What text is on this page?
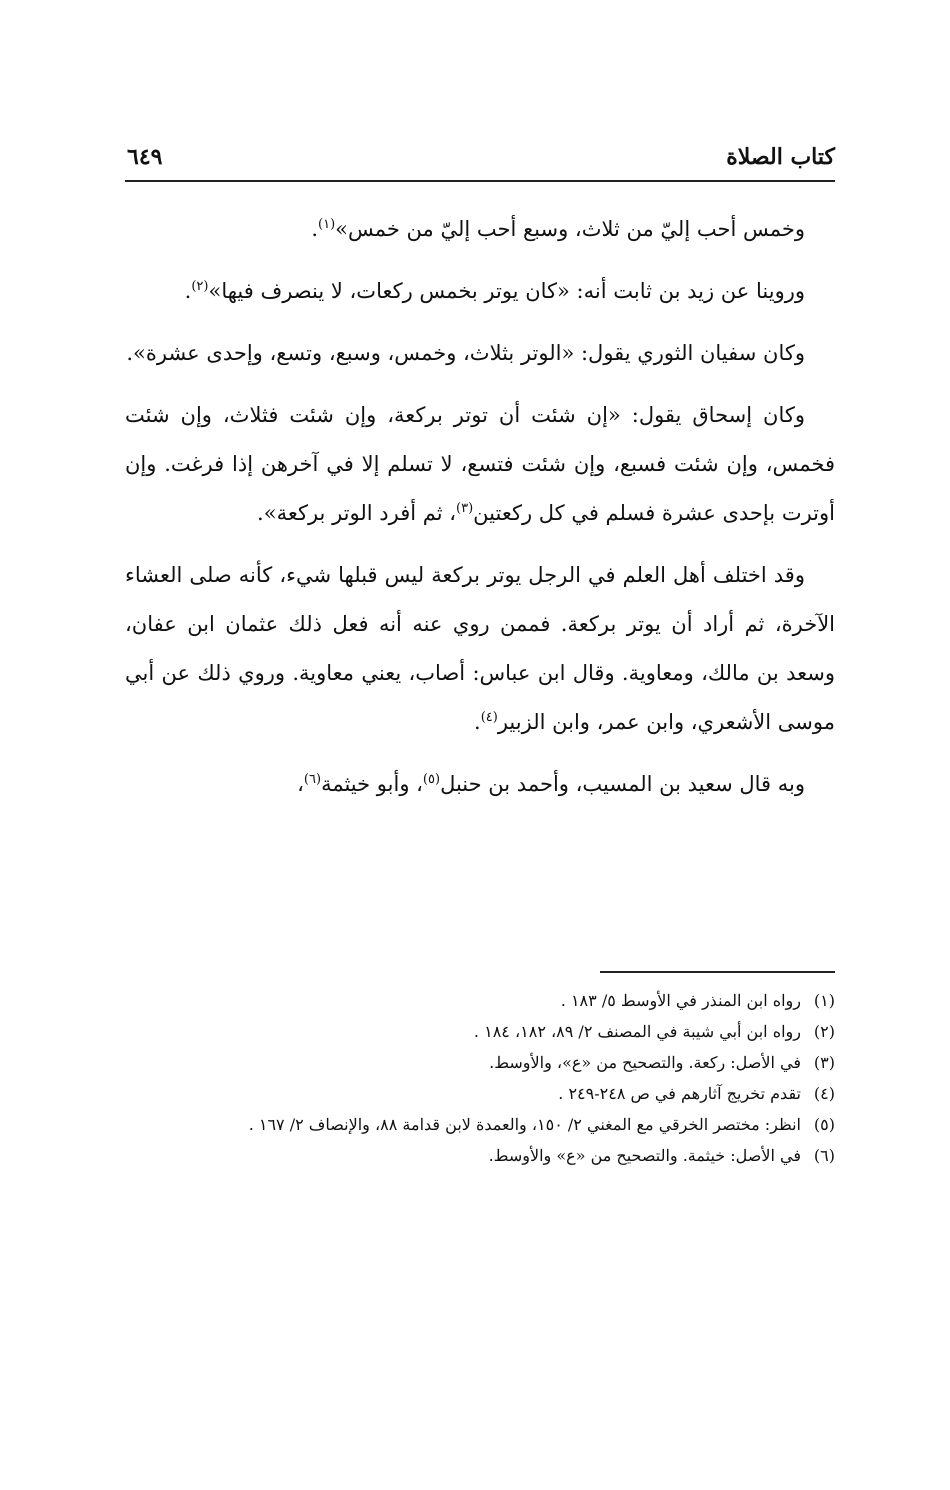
كتاب الصلاة
٦٤٩

وخمس أحب إليّ من ثلاث، وسبع أحب إليّ من خمس»$^{(١)}$.

وروينا عن زيد بن ثابت أنه: «كان يوتر بخمس ركعات، لا ينصرف فيها»$^{(٢)}$.

وكان سفيان الثوري يقول: «الوتر بثلاث، وخمس، وسبع، وتسع، وإحدى عشرة».

وكان إسحاق يقول: «إن شئت أن توتر بركعة، وإن شئت فثلاث، وإن شئت فخمس، وإن شئت فسبع، وإن شئت فتسع، لا تسلم إلا في آخرهن إذا فرغت. وإن أوترت بإحدى عشرة فسلم في كل ركعتين$^{(٣)}$، ثم أفرد الوتر بركعة».

وقد اختلف أهل العلم في الرجل يوتر بركعة ليس قبلها شيء، كأنه صلى العشاء الآخرة، ثم أراد أن يوتر بركعة. فممن روي عنه أنه فعل ذلك عثمان ابن عفان، وسعد بن مالك، ومعاوية. وقال ابن عباس: أصاب، يعني معاوية. وروي ذلك عن أبي موسى الأشعري، وابن عمر، وابن الزبير$^{(٤)}$.

وبه قال سعيد بن المسيب، وأحمد بن حنبل$^{(٥)}$، وأبو خيثمة$^{(٦)}$،

(١)رواه ابن المنذر في الأوسط ٥/ ١٨٣ .

(٢)رواه ابن أبي شيبة في المصنف ٢/ ٨٩، ١٨٢، ١٨٤ .

(٣)في الأصل: ركعة. والتصحيح من «ع»، والأوسط.

(٤)تقدم تخريج آثارهم في ص ٢٤٨-٢٤٩ .

(٥)انظر: مختصر الخرقي مع المغني ٢/ ١٥٠، والعمدة لابن قدامة ٨٨، والإنصاف ٢/ ١٦٧ .

(٦)في الأصل: خيثمة. والتصحيح من «ع» والأوسط.
